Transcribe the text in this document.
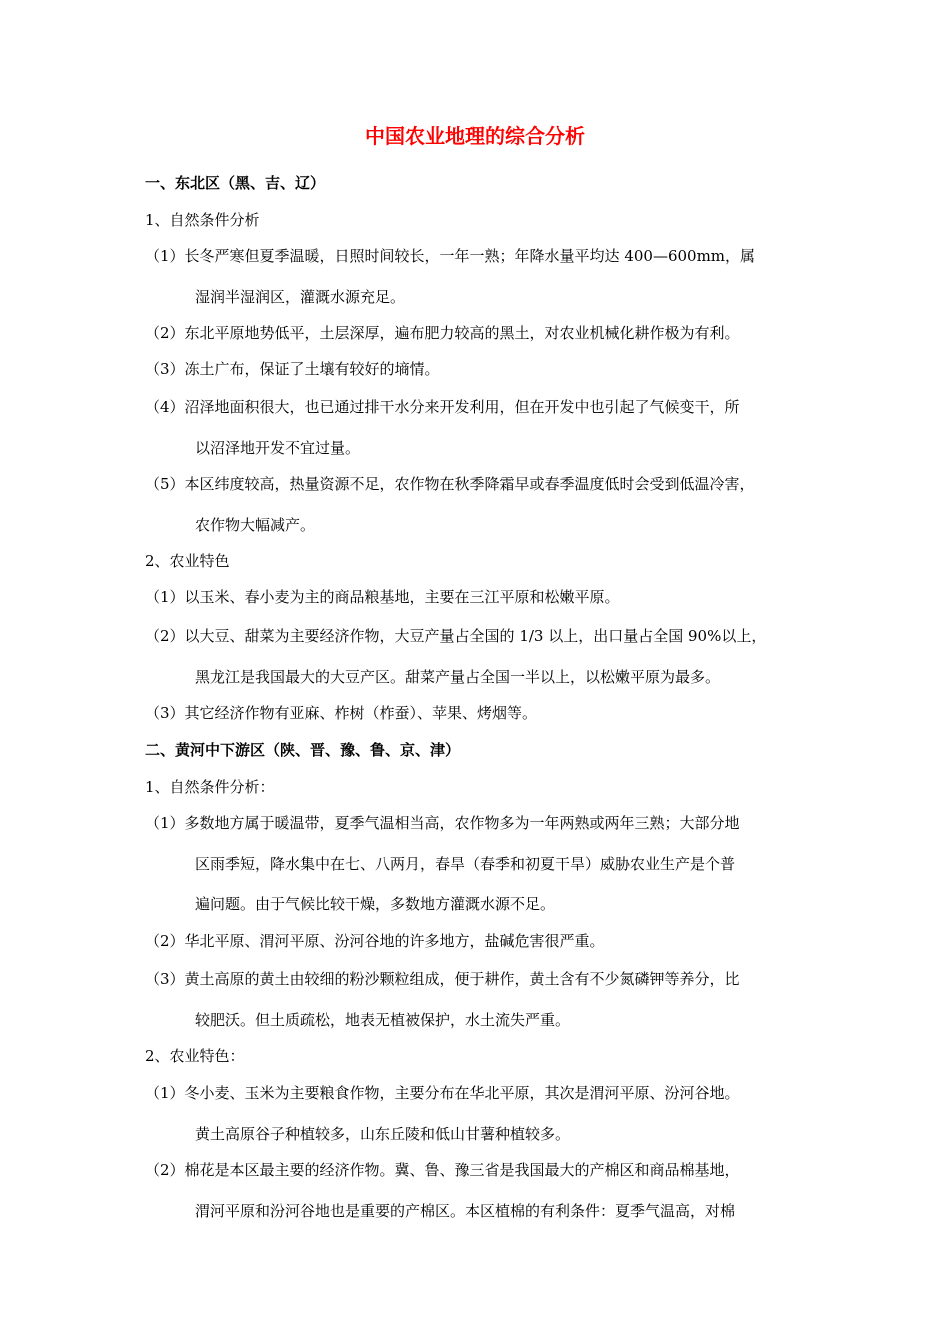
中国农业地理的综合分析
一、东北区（黑、吉、辽）
1、自然条件分析
（1）长冬严寒但夏季温暖，日照时间较长，一年一熟；年降水量平均达 400—600mm，属
湿润半湿润区，灌溉水源充足。
（2）东北平原地势低平，土层深厚，遍布肥力较高的黑土，对农业机械化耕作极为有利。
（3）冻土广布，保证了土壤有较好的墒情。
（4）沼泽地面积很大，也已通过排干水分来开发利用，但在开发中也引起了气候变干，所
以沼泽地开发不宜过量。
（5）本区纬度较高，热量资源不足，农作物在秋季降霜早或春季温度低时会受到低温冷害，
农作物大幅减产。
2、农业特色
（1）以玉米、春小麦为主的商品粮基地，主要在三江平原和松嫩平原。
（2）以大豆、甜菜为主要经济作物，大豆产量占全国的 1/3 以上，出口量占全国 90%以上，
黑龙江是我国最大的大豆产区。甜菜产量占全国一半以上，以松嫩平原为最多。
（3）其它经济作物有亚麻、柞树（柞蚕）、苹果、烤烟等。
二、黄河中下游区（陕、晋、豫、鲁、京、津）
1、自然条件分析：
（1）多数地方属于暖温带，夏季气温相当高，农作物多为一年两熟或两年三熟；大部分地
区雨季短，降水集中在七、八两月，春旱（春季和初夏干旱）威胁农业生产是个普
遍问题。由于气候比较干燥，多数地方灌溉水源不足。
（2）华北平原、渭河平原、汾河谷地的许多地方，盐碱危害很严重。
（3）黄土高原的黄土由较细的粉沙颗粒组成，便于耕作，黄土含有不少氮磷钾等养分，比
较肥沃。但土质疏松，地表无植被保护，水土流失严重。
2、农业特色：
（1）冬小麦、玉米为主要粮食作物，主要分布在华北平原，其次是渭河平原、汾河谷地。
黄土高原谷子种植较多，山东丘陵和低山甘薯种植较多。
（2）棉花是本区最主要的经济作物。冀、鲁、豫三省是我国最大的产棉区和商品棉基地，
渭河平原和汾河谷地也是重要的产棉区。本区植棉的有利条件：夏季气温高，对棉
